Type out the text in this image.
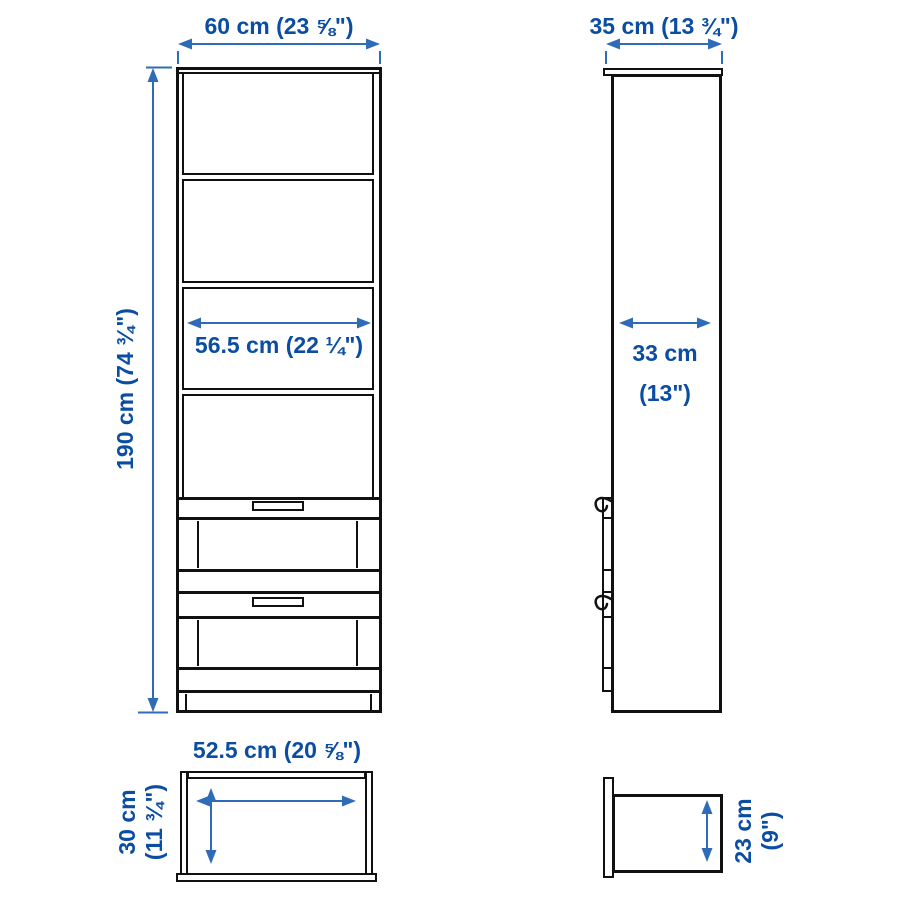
60 cm (23 ⅝")
190 cm (74 ¾")	56.5 cm (22 ¼")
35 cm (13 ¾")
33 cm
(13")
52.5 cm (20 ⅝")
30 cm (11 ¾")	23 cm (9")
